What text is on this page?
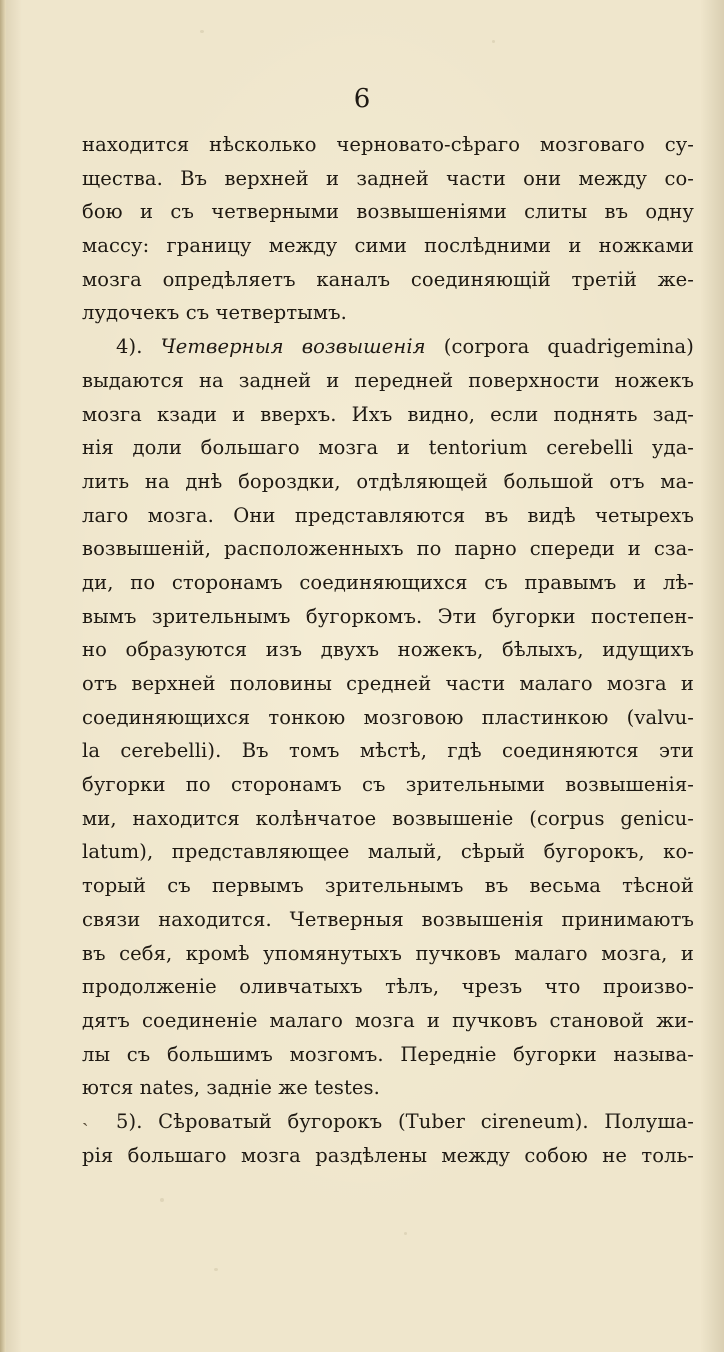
6
находится нѣсколько черновато-сѣраго мозговаго су-
щества. Въ верхней и задней части они между со-
бою и съ четверными возвышеніями слиты въ одну
массу: границу между сими послѣдними и ножками
мозга опредѣляетъ каналъ соединяющій третій же-
лудочекъ съ четвертымъ.
4). Четверныя возвышенія (corpora quadrigemina)
выдаются на задней и передней поверхности ножекъ
мозга кзади и вверхъ. Ихъ видно, если поднять зад-
нія доли большаго мозга и tentorium cerebelli уда-
лить на днѣ бороздки, отдѣляющей большой отъ ма-
лаго мозга. Они представляются въ видѣ четырехъ
возвышеній, расположенныхъ по парно спереди и сза-
ди, по сторонамъ соединяющихся съ правымъ и лѣ-
вымъ зрительнымъ бугоркомъ. Эти бугорки постепен-
но образуются изъ двухъ ножекъ, бѣлыхъ, идущихъ
отъ верхней половины средней части малаго мозга и
соединяющихся тонкою мозговою пластинкою (valvu-
la cerebelli). Въ томъ мѣстѣ, гдѣ соединяются эти
бугорки по сторонамъ съ зрительными возвышенія-
ми, находится колѣнчатое возвышеніе (corpus genicu-
latum), представляющее малый, сѣрый бугорокъ, ко-
торый съ первымъ зрительнымъ въ весьма тѣсной
связи находится. Четверныя возвышенія принимаютъ
въ себя, кромѣ упомянутыхъ пучковъ малаго мозга, и
продолженіе оливчатыхъ тѣлъ, чрезъ что произво-
дятъ соединеніе малаго мозга и пучковъ становой жи-
лы съ большимъ мозгомъ. Передніе бугорки называ-
ются nates, задніе же testes.
˴ 5). Сѣроватый бугорокъ (Tuber cireneum). Полуша-
рія большаго мозга раздѣлены между собою не толь-
